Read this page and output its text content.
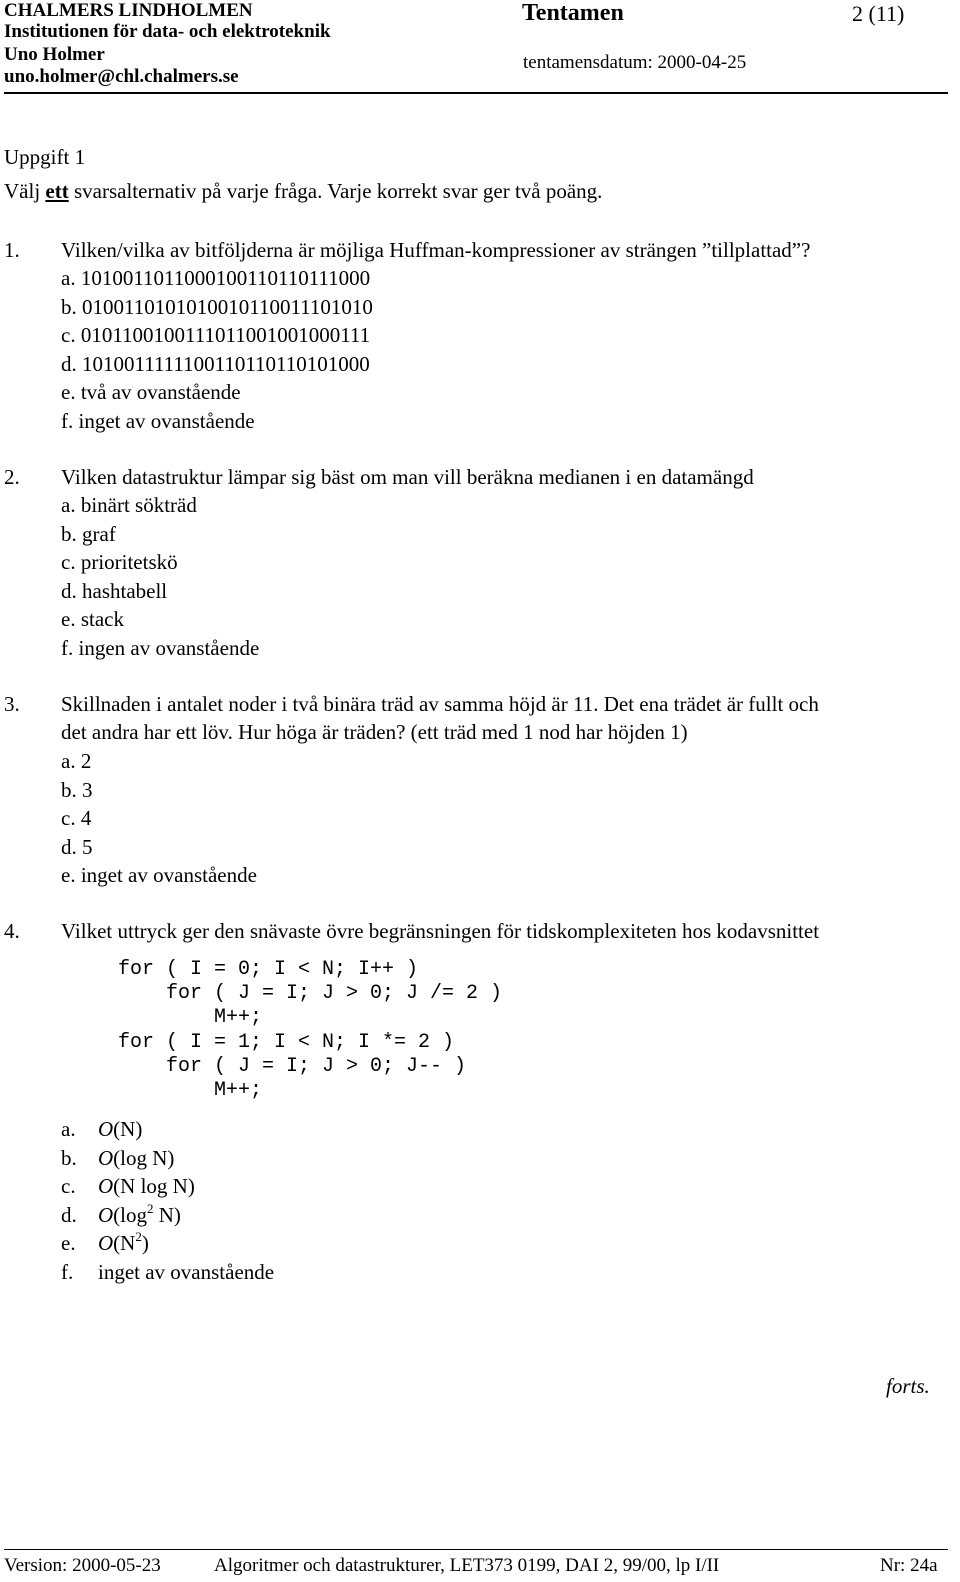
CHALMERS LINDHOLMEN
Institutionen för data- och elektroteknik
Uno Holmer
uno.holmer@chl.chalmers.se
Tentamen	2 (11)
tentamensdatum: 2000-04-25
Uppgift 1
Välj ett svarsalternativ på varje fråga. Varje korrekt svar ger två poäng.
1. Vilken/vilka av bitföljderna är möjliga Huffman-kompressioner av strängen ”tillplattad”?
a. 1010011011000100110110111000
b. 0100110101010010110011101010
c. 0101100100111011001001000111
d. 1010011111100110110110101000
e. två av ovanstående
f. inget av ovanstående
2. Vilken datastruktur lämpar sig bäst om man vill beräkna medianen i en datamängd
a. binärt sökträd
b. graf
c. prioritetskö
d. hashtabell
e. stack
f. ingen av ovanstående
3. Skillnaden i antalet noder i två binära träd av samma höjd är 11. Det ena trädet är fullt och
det andra har ett löv. Hur höga är träden? (ett träd med 1 nod har höjden 1)
a. 2
b. 3
c. 4
d. 5
e. inget av ovanstående
4. Vilket uttryck ger den snävaste övre begränsningen för tidskomplexiteten hos kodavsnittet
for ( I = 0; I < N; I++ )
for ( J = I; J > 0; J /= 2 )
M++;
for ( I = 1; I < N; I *= 2 )
for ( J = I; J > 0; J-- )
M++;
a. O(N)
b. O(log N)
c. O(N log N)
d. $O(\log^2$ N)
e. $O(N^2)$
f. inget av ovanstående
forts.
Version: 2000-05-23	Algoritmer och datastrukturer, LET373 0199, DAI 2, 99/00, lp I/II	Nr: 24a
